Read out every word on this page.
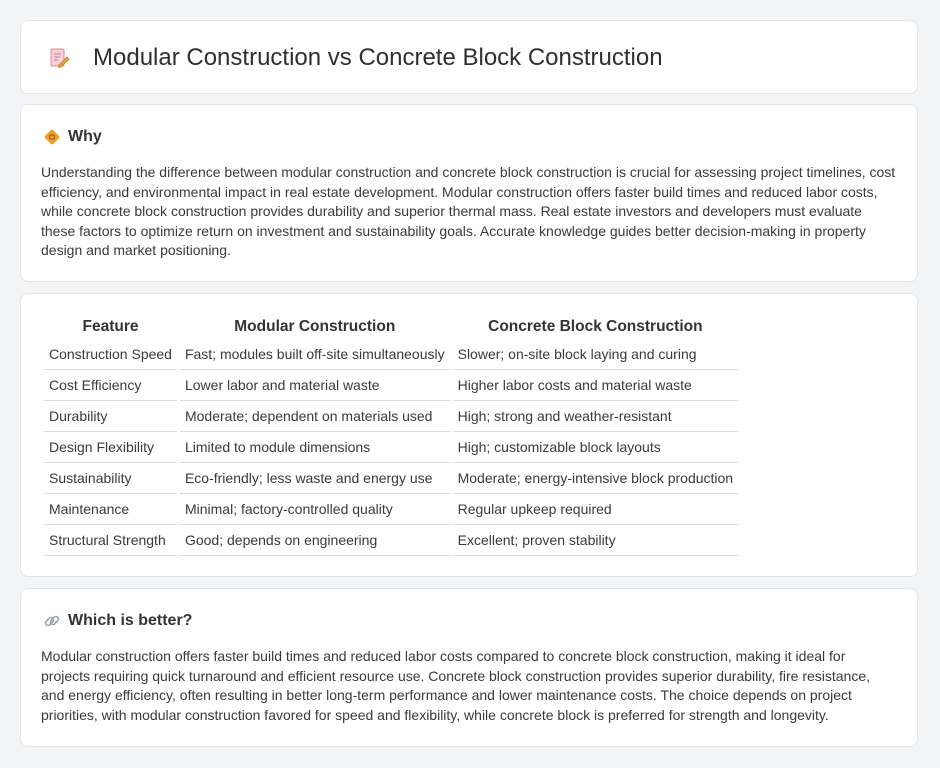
Modular Construction vs Concrete Block Construction
Why

Understanding the difference between modular construction and concrete block construction is crucial for assessing project timelines, cost efficiency, and environmental impact in real estate development. Modular construction offers faster build times and reduced labor costs, while concrete block construction provides durability and superior thermal mass. Real estate investors and developers must evaluate these factors to optimize return on investment and sustainability goals. Accurate knowledge guides better decision-making in property design and market positioning.

Feature	Modular Construction	Concrete Block Construction
Construction Speed	Fast; modules built off-site simultaneously	Slower; on-site block laying and curing
Cost Efficiency	Lower labor and material waste	Higher labor costs and material waste
Durability	Moderate; dependent on materials used	High; strong and weather-resistant
Design Flexibility	Limited to module dimensions	High; customizable block layouts
Sustainability	Eco-friendly; less waste and energy use	Moderate; energy-intensive block production
Maintenance	Minimal; factory-controlled quality	Regular upkeep required
Structural Strength	Good; depends on engineering	Excellent; proven stability
Which is better?

Modular construction offers faster build times and reduced labor costs compared to concrete block construction, making it ideal for projects requiring quick turnaround and efficient resource use. Concrete block construction provides superior durability, fire resistance, and energy efficiency, often resulting in better long-term performance and lower maintenance costs. The choice depends on project priorities, with modular construction favored for speed and flexibility, while concrete block is preferred for strength and longevity.
